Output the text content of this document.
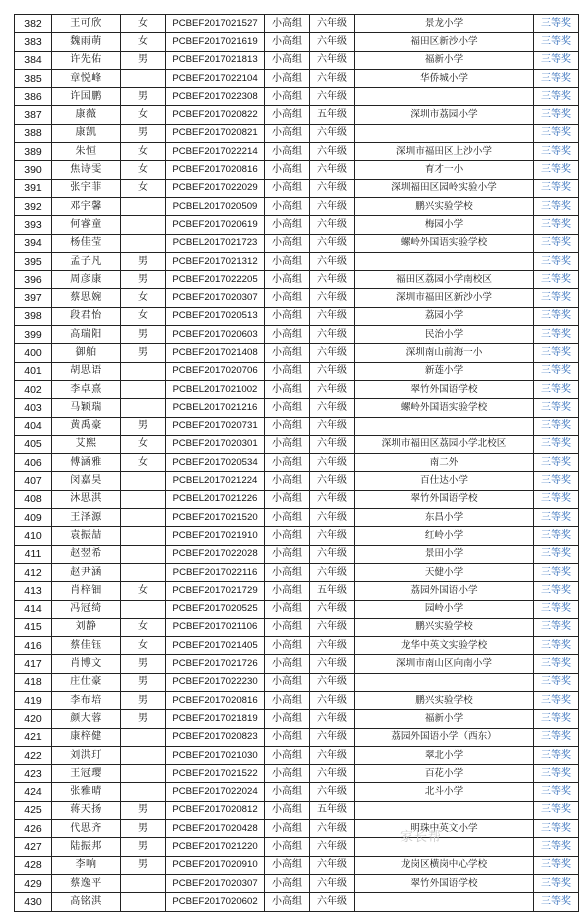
382	王可欣	女	PCBEF2017021527	小高组	六年级	景龙小学	三等奖
383	魏雨萌	女	PCBEF2017021619	小高组	六年级	福田区新沙小学	三等奖
384	许先佑	男	PCBEF2017021813	小高组	六年级	福新小学	三等奖
385	章悦峰		PCBEF2017022104	小高组	六年级	华侨城小学	三等奖
386	许国鹏	男	PCBEF2017022308	小高组	六年级		三等奖
387	康薇	女	PCBEF2017020822	小高组	五年级	深圳市荔园小学	三等奖
388	康凯	男	PCBEF2017020821	小高组	六年级		三等奖
389	朱恒	女	PCBEF2017022214	小高组	六年级	深圳市福田区上沙小学	三等奖
390	焦诗雯	女	PCBEF2017020816	小高组	六年级	育才一小	三等奖
391	张宇菲	女	PCBEF2017022029	小高组	六年级	深圳福田区园岭实验小学	三等奖
392	邓宇馨		PCBEL2017020509	小高组	六年级	鹏兴实验学校	三等奖
393	何睿童		PCBEF2017020619	小高组	六年级	梅园小学	三等奖
394	杨佳莹		PCBEL2017021723	小高组	六年级	螺岭外国语实验学校	三等奖
395	孟子凡	男	PCBEF2017021312	小高组	六年级		三等奖
396	周彦康	男	PCBEF2017022205	小高组	六年级	福田区荔园小学南校区	三等奖
397	蔡思婉	女	PCBEF2017020307	小高组	六年级	深圳市福田区新沙小学	三等奖
398	段君怡	女	PCBEF2017020513	小高组	六年级	荔园小学	三等奖
399	高瑞阳	男	PCBEF2017020603	小高组	六年级	民治小学	三等奖
400	御舶	男	PCBEF2017021408	小高组	六年级	深圳南山前海一小	三等奖
401	胡思语		PCBEF2017020706	小高组	六年级	新莲小学	三等奖
402	李卓熹		PCBEL2017021002	小高组	六年级	翠竹外国语学校	三等奖
403	马颖瑞		PCBEL2017021216	小高组	六年级	螺岭外国语实验学校	三等奖
404	黄禹豪	男	PCBEF2017020731	小高组	六年级		三等奖
405	艾熙	女	PCBEF2017020301	小高组	六年级	深圳市福田区荔园小学北校区	三等奖
406	傅涵雅	女	PCBEF2017020534	小高组	六年级	南二外	三等奖
407	闵嘉昊		PCBEL2017021224	小高组	六年级	百仕达小学	三等奖
408	沐思淇		PCBEL2017021226	小高组	六年级	翠竹外国语学校	三等奖
409	王泽源		PCBEF2017021520	小高组	六年级	东昌小学	三等奖
410	袁振喆		PCBEF2017021910	小高组	六年级	红岭小学	三等奖
411	赵翌希		PCBEF2017022028	小高组	六年级	景田小学	三等奖
412	赵尹涵		PCBEF2017022116	小高组	六年级	天健小学	三等奖
413	肖梓钿	女	PCBEF2017021729	小高组	五年级	荔园外国语小学	三等奖
414	冯冠绮		PCBEF2017020525	小高组	六年级	园岭小学	三等奖
415	刘静	女	PCBEF2017021106	小高组	六年级	鹏兴实验学校	三等奖
416	蔡佳钰	女	PCBEF2017021405	小高组	六年级	龙华中英文实验学校	三等奖
417	肖博文	男	PCBEF2017021726	小高组	六年级	深圳市南山区向南小学	三等奖
418	庄仕豪	男	PCBEF2017022230	小高组	六年级		三等奖
419	李布培	男	PCBEF2017020816	小高组	六年级	鹏兴实验学校	三等奖
420	颜大蓉	男	PCBEF2017021819	小高组	六年级	福新小学	三等奖
421	康梓健		PCBEF2017020823	小高组	六年级	荔园外国语小学（西东）	三等奖
422	刘洪玎		PCBEF2017021030	小高组	六年级	翠北小学	三等奖
423	王冠璎		PCBEF2017021522	小高组	六年级	百花小学	三等奖
424	张雅晴		PCBEF2017022024	小高组	六年级	北斗小学	三等奖
425	蒋天扬	男	PCBEF2017020812	小高组	五年级		三等奖
426	代思齐	男	PCBEF2017020428	小高组	六年级	明珠中英文小学	三等奖
427	陆振邦	男	PCBEF2017021220	小高组	六年级		三等奖
428	李响	男	PCBEF2017020910	小高组	六年级	龙岗区横岗中心学校	三等奖
429	蔡逸平		PCBEF2017020307	小高组	六年级	翠竹外国语学校	三等奖
430	高铭淇		PCBEF2017020602	小高组	六年级		三等奖
家长帮
